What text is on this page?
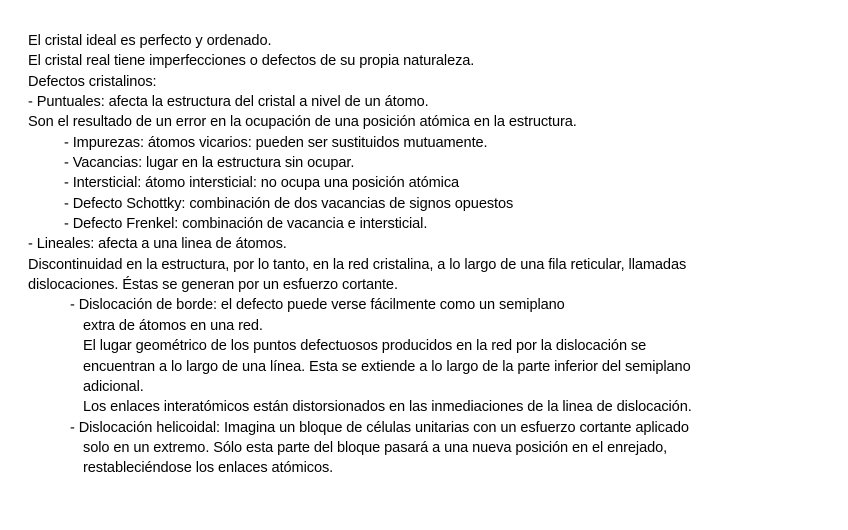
El cristal ideal es perfecto y ordenado.
El cristal real tiene imperfecciones o defectos de su propia naturaleza.
Defectos cristalinos:
- Puntuales: afecta la estructura del cristal a nivel de un átomo.
Son el resultado de un error en la ocupación de una posición atómica en la estructura.
- Impurezas: átomos vicarios: pueden ser sustituidos mutuamente.
- Vacancias: lugar en la estructura sin ocupar.
- Intersticial: átomo intersticial: no ocupa una posición atómica
- Defecto Schottky: combinación de dos vacancias de signos opuestos
- Defecto Frenkel: combinación de vacancia e intersticial.
- Lineales: afecta a una linea de átomos.
Discontinuidad en la estructura, por lo tanto, en la red cristalina, a lo largo de una fila reticular, llamadas
dislocaciones. Éstas se generan por un esfuerzo cortante.
- Dislocación de borde: el defecto puede verse fácilmente como un semiplano
extra de átomos en una red.
El lugar geométrico de los puntos defectuosos producidos en la red por la dislocación se
encuentran a lo largo de una línea. Esta se extiende a lo largo de la parte inferior del semiplano
adicional.
Los enlaces interatómicos están distorsionados en las inmediaciones de la linea de dislocación.
- Dislocación helicoidal: Imagina un bloque de células unitarias con un esfuerzo cortante aplicado
solo en un extremo. Sólo esta parte del bloque pasará a una nueva posición en el enrejado,
restableciéndose los enlaces atómicos.
